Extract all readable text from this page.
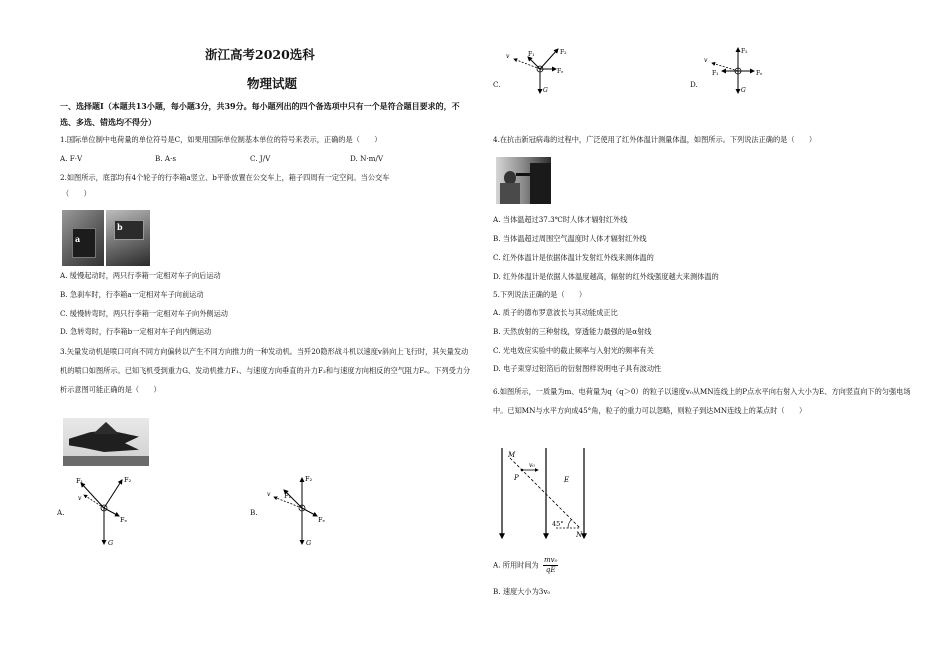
浙江高考2020选科
物理试题
一、选择题Ⅰ（本题共13小题，每小题3分，共39分。每小题列出的四个备选项中只有一个是符合题目要求的，不选、多选、错选均不得分）
1.国际单位制中电荷量的单位符号是C，如果用国际单位制基本单位的符号来表示，正确的是（　　）
A. F·V	B. A·s	C. J/V	D. N·m/V
2.如图所示，底部均有4个轮子的行李箱a竖立、b平卧放置在公交车上，箱子四周有一定空间。当公交车
（　　）
a
b
A. 缓慢起动时，两只行李箱一定相对车子向后运动
B. 急刹车时，行李箱a一定相对车子向前运动
C. 缓慢转弯时，两只行李箱一定相对车子向外侧运动
D. 急转弯时，行李箱b一定相对车子向内侧运动
3.矢量发动机是喷口可向不同方向偏转以产生不同方向推力的一种发动机。当歼20隐形战斗机以速度v斜向上飞行时，其矢量发动机的喷口如图所示。已知飞机受到重力G、发动机推力F₁、与速度方向垂直的升力F₂和与速度方向相反的空气阻力Fₑ。下列受力分析示意图可能正确的是（　　）
A.
F₁	F₂
Fₑ
G
v
B.
F₁
F₂
Fₑ
G
v
C.
F₁	F₂
Fₑ
G
v
D.
F₁
F₂
Fₑ
G
v
4.在抗击新冠病毒的过程中，广泛使用了红外体温计测量体温，如图所示。下列说法正确的是（　　）
A. 当体温超过37.3℃时人体才辐射红外线
B. 当体温超过周围空气温度时人体才辐射红外线
C. 红外体温计是依据体温计发射红外线来测体温的
D. 红外体温计是依据人体温度越高，辐射的红外线强度越大来测体温的
5.下列说法正确的是（　　）
A. 质子的德布罗意波长与其动能成正比
B. 天然放射的三种射线，穿透能力最强的是α射线
C. 光电效应实验中的截止频率与入射光的频率有关
D. 电子束穿过铝箔后的衍射图样说明电子具有波动性
6.如图所示，一质量为m、电荷量为q（q＞0）的粒子以速度v₀从MN连线上的P点水平向右射入大小为E、方向竖直向下的匀强电场中。已知MN与水平方向成45°角，粒子的重力可以忽略，则粒子到达MN连线上的某点时（　　）
M
N
P	E
v₀
45°
A. 所用时间为 $\frac{\text{mv₀}}{qE}$
B. 速度大小为3v₀
